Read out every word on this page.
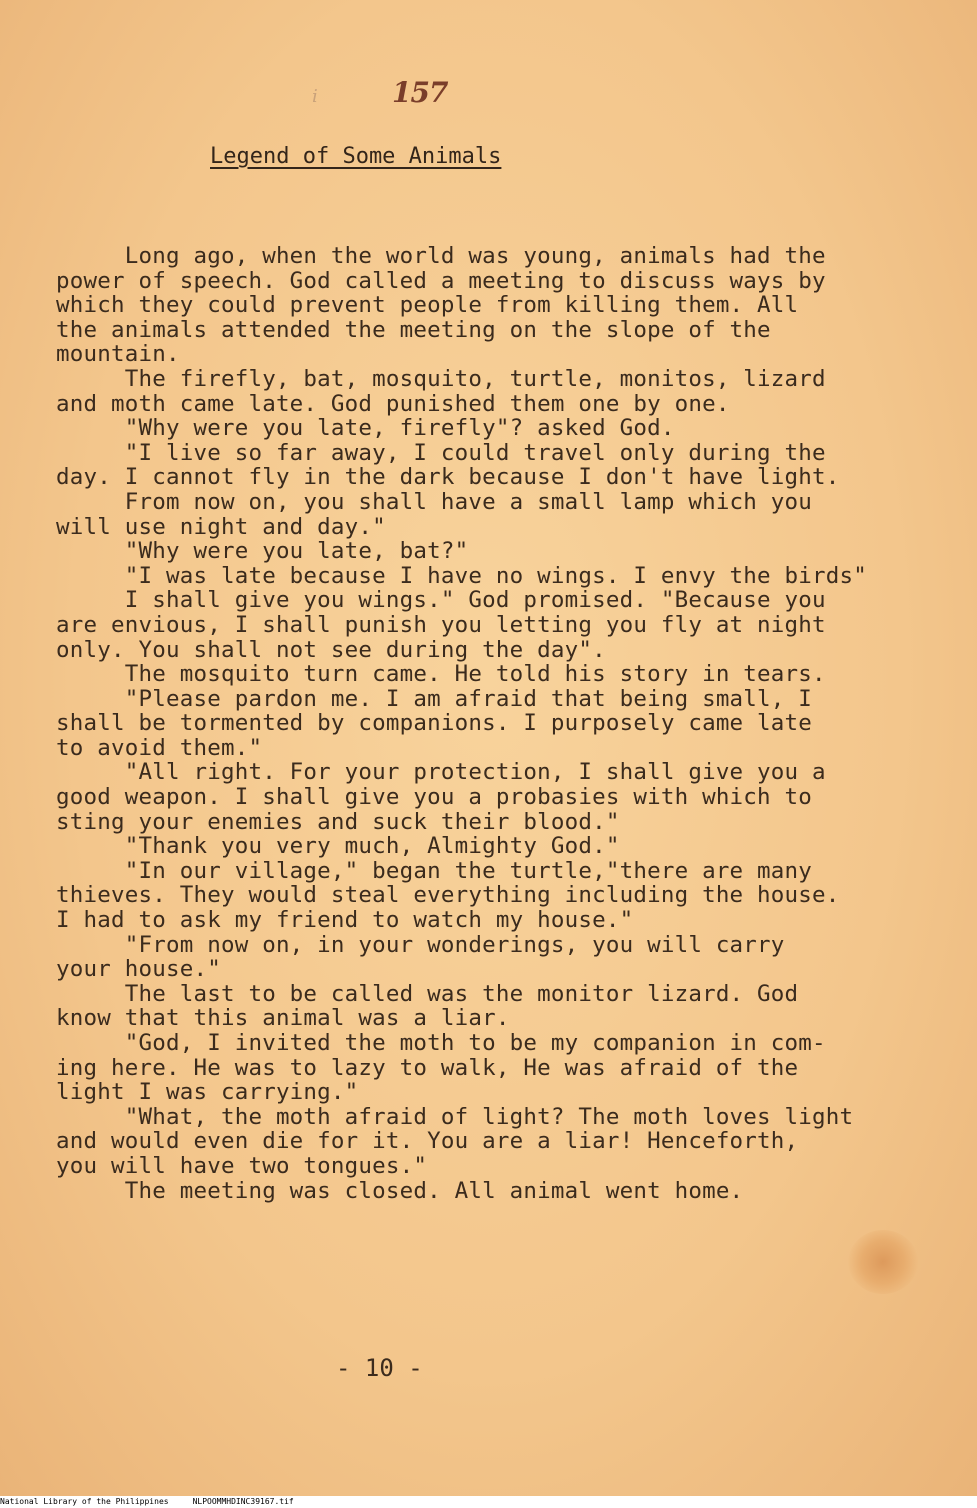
i	157
Legend of Some Animals
Long ago, when the world was young, animals had the
power of speech. God called a meeting to discuss ways by
which they could prevent people from killing them. All
the animals attended the meeting on the slope of the
mountain.
The firefly, bat, mosquito, turtle, monitos, lizard
and moth came late. God punished them one by one.
"Why were you late, firefly"? asked God.
"I live so far away, I could travel only during the
day. I cannot fly in the dark because I don't have light.
From now on, you shall have a small lamp which you
will use night and day."
"Why were you late, bat?"
"I was late because I have no wings. I envy the birds"
I shall give you wings." God promised. "Because you
are envious, I shall punish you letting you fly at night
only. You shall not see during the day".
The mosquito turn came. He told his story in tears.
"Please pardon me. I am afraid that being small, I
shall be tormented by companions. I purposely came late
to avoid them."
"All right. For your protection, I shall give you a
good weapon. I shall give you a probasies with which to
sting your enemies and suck their blood."
"Thank you very much, Almighty God."
"In our village," began the turtle,"there are many
thieves. They would steal everything including the house.
I had to ask my friend to watch my house."
"From now on, in your wonderings, you will carry
your house."
The last to be called was the monitor lizard. God
know that this animal was a liar.
"God, I invited the moth to be my companion in com-
ing here. He was to lazy to walk, He was afraid of the
light I was carrying."
"What, the moth afraid of light? The moth loves light
and would even die for it. You are a liar! Henceforth,
you will have two tongues."
The meeting was closed. All animal went home.
- 10 -
National Library of the Philippines	NLPOOMMHDINC39167.tif
